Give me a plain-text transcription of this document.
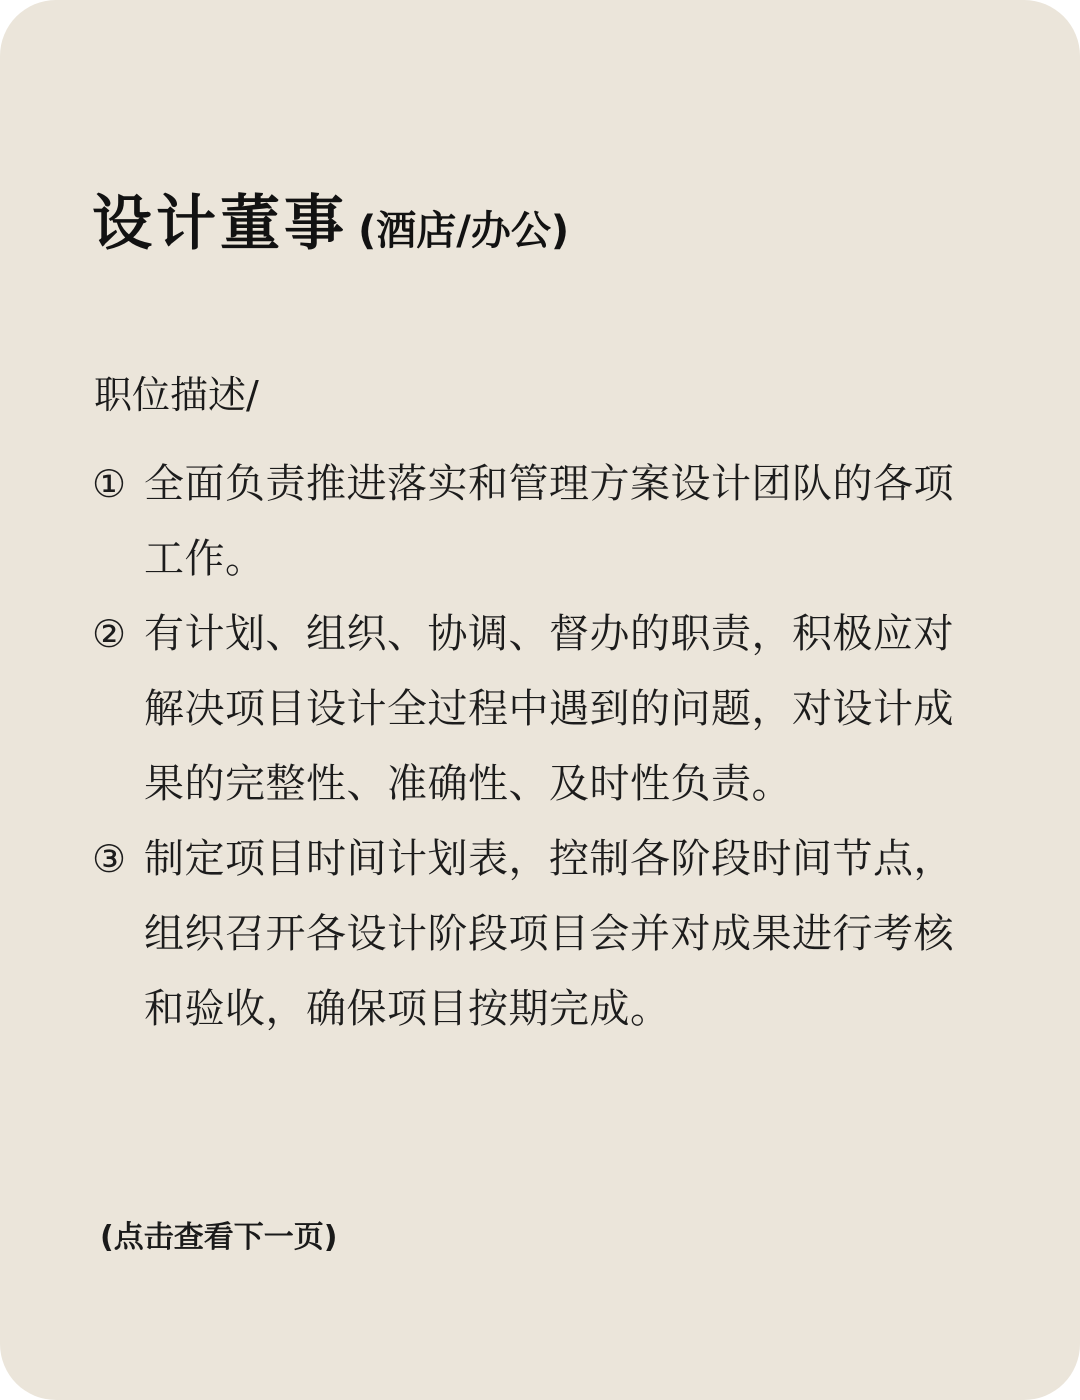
设计董事 (酒店/办公)
职位描述/
① 全面负责推进落实和管理方案设计团队的各项工作。
② 有计划、组织、协调、督办的职责，积极应对解决项目设计全过程中遇到的问题，对设计成果的完整性、准确性、及时性负责。
③ 制定项目时间计划表，控制各阶段时间节点，组织召开各设计阶段项目会并对成果进行考核和验收，确保项目按期完成。
(点击查看下一页)
